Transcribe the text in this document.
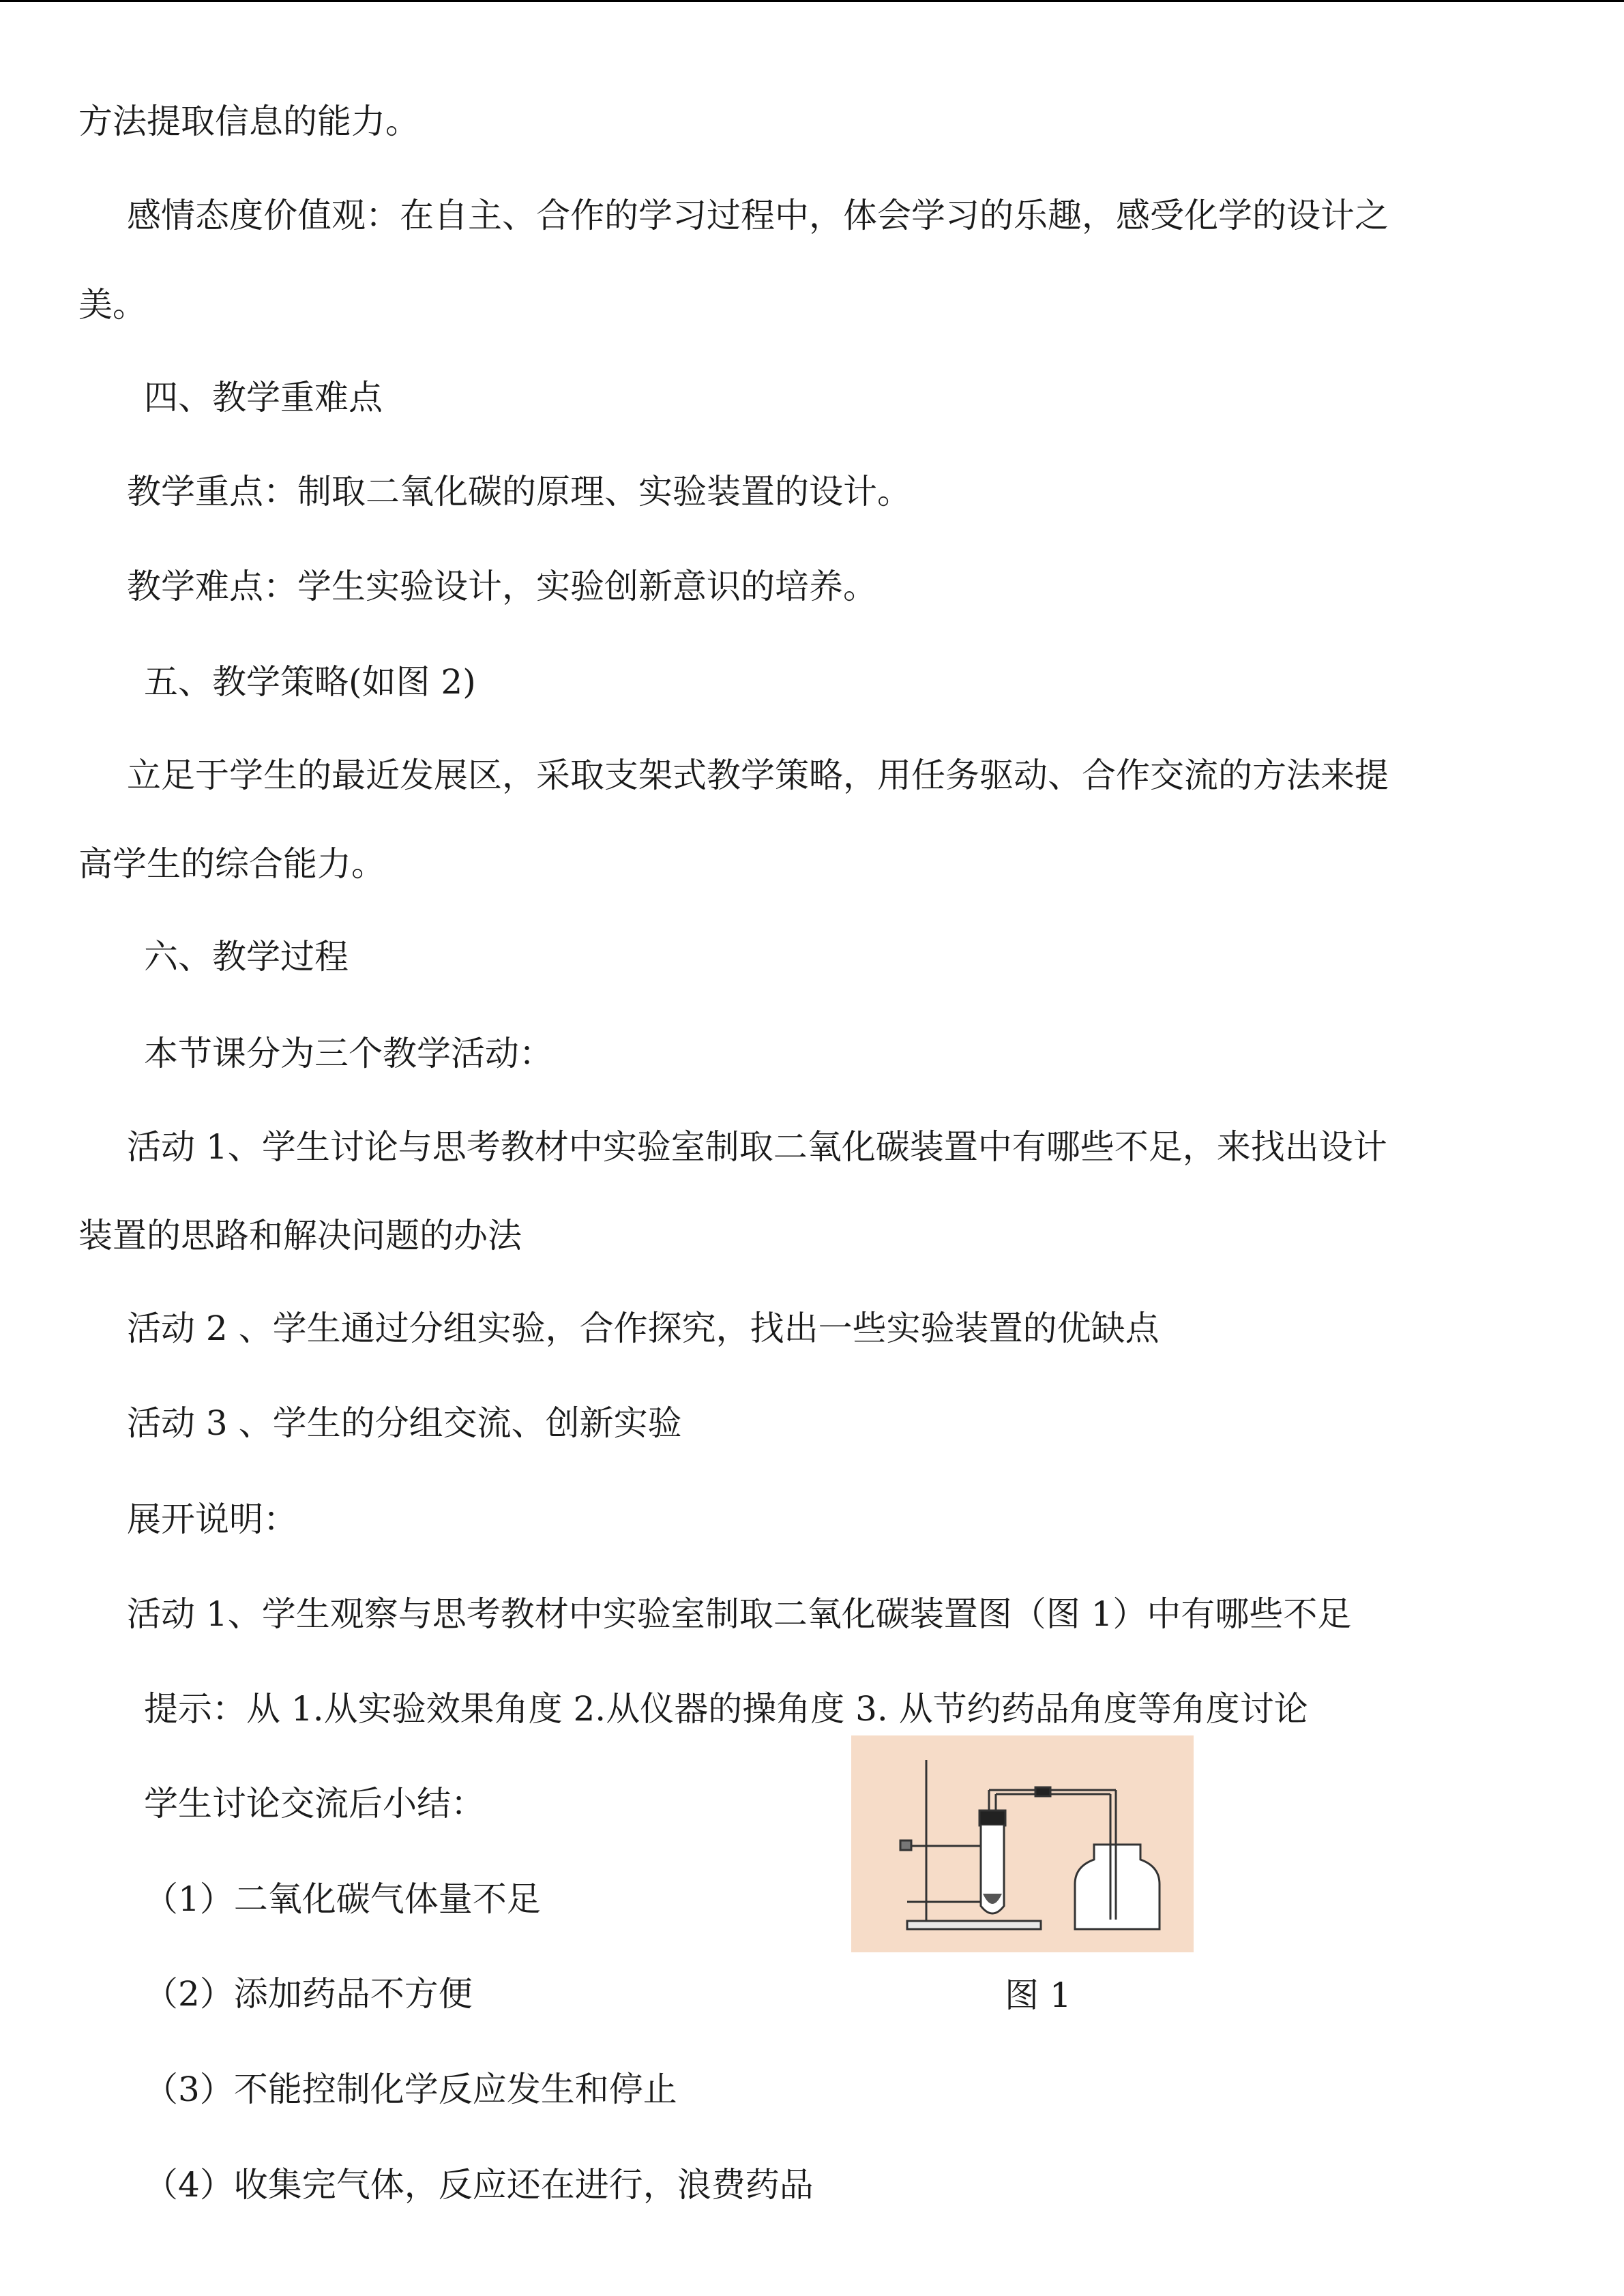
方法提取信息的能力。
感情态度价值观：在自主、合作的学习过程中，体会学习的乐趣，感受化学的设计之
美。
四、教学重难点
教学重点：制取二氧化碳的原理、实验装置的设计。
教学难点：学生实验设计，实验创新意识的培养。
五、教学策略(如图 2)
立足于学生的最近发展区，采取支架式教学策略，用任务驱动、合作交流的方法来提
高学生的综合能力。
六、教学过程
本节课分为三个教学活动：
活动 1、学生讨论与思考教材中实验室制取二氧化碳装置中有哪些不足，来找出设计
装置的思路和解决问题的办法
活动 2 、学生通过分组实验，合作探究，找出一些实验装置的优缺点
活动 3 、学生的分组交流、创新实验
展开说明：
活动 1、学生观察与思考教材中实验室制取二氧化碳装置图（图 1）中有哪些不足
提示：从 1.从实验效果角度 2.从仪器的操角度 3. 从节约药品角度等角度讨论
学生讨论交流后小结：
（1）二氧化碳气体量不足
（2）添加药品不方便
（3）不能控制化学反应发生和停止
（4）收集完气体，反应还在进行，浪费药品
图 1
